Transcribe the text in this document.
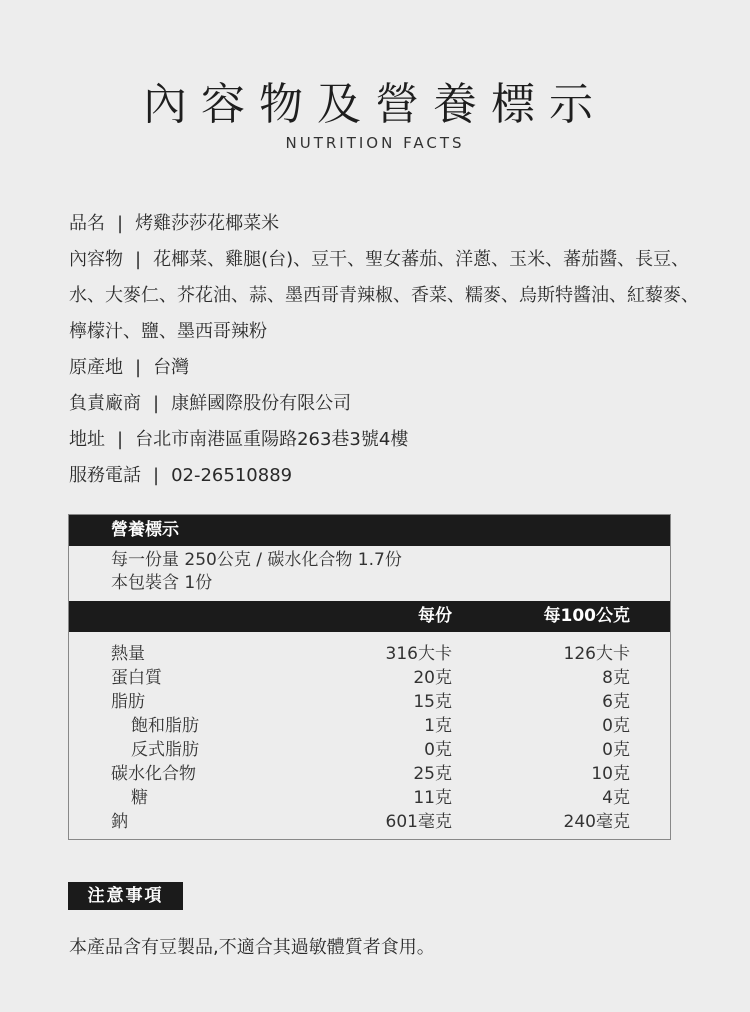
內容物及營養標示
NUTRITION FACTS
品名 | 烤雞莎莎花椰菜米
內容物 | 花椰菜、雞腿(台)、豆干、聖女蕃茄、洋蔥、玉米、蕃茄醬、長豆、
水、大麥仁、芥花油、蒜、墨西哥青辣椒、香菜、糯麥、烏斯特醬油、紅藜麥、
檸檬汁、鹽、墨西哥辣粉
原產地 | 台灣
負責廠商 | 康鮮國際股份有限公司
地址 | 台北市南港區重陽路263巷3號4樓
服務電話 | 02-26510889
營養標示
每一份量 250公克 / 碳水化合物 1.7份
本包裝含 1份
每份	每100公克
熱量	316大卡	126大卡
蛋白質	20克	8克
脂肪	15克	6克
飽和脂肪	1克	0克
反式脂肪	0克	0克
碳水化合物	25克	10克
糖	11克	4克
鈉	601毫克	240毫克
注意事項
本產品含有豆製品,不適合其過敏體質者食用。
